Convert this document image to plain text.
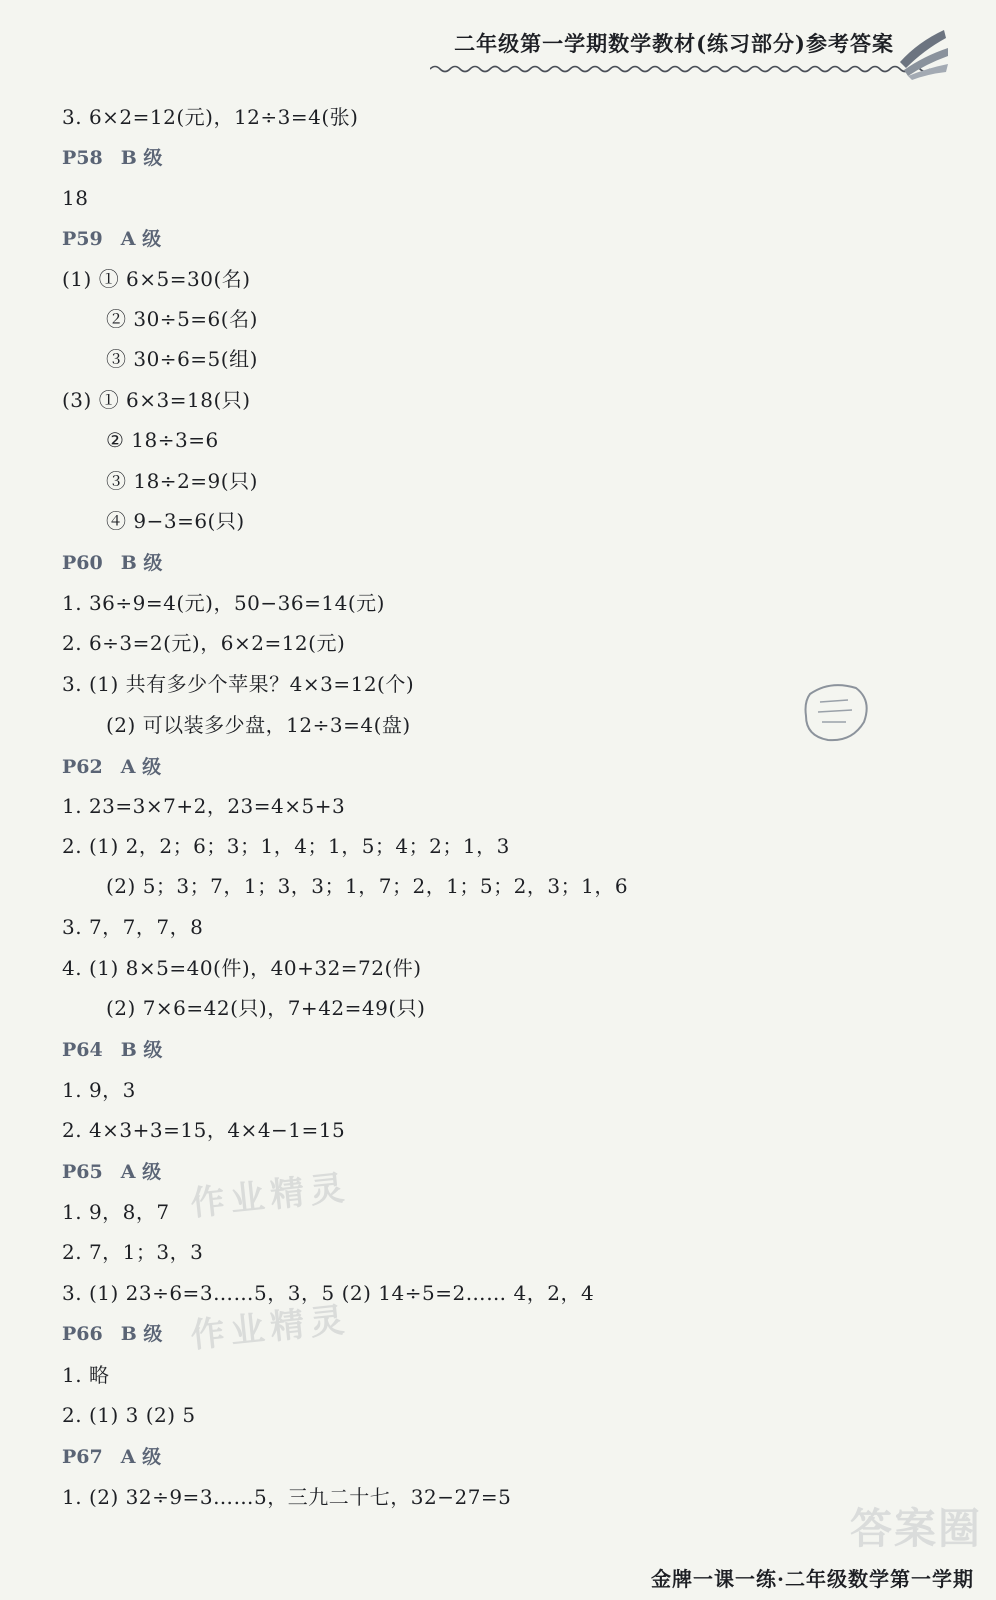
二年级第一学期数学教材(练习部分)参考答案
3. 6×2=12(元)，12÷3=4(张)
P58 B 级
18
P59 A 级
(1) ① 6×5=30(名)
② 30÷5=6(名)
③ 30÷6=5(组)
(3) ① 6×3=18(只)
② 18÷3=6
③ 18÷2=9(只)
④ 9−3=6(只)
P60 B 级
1. 36÷9=4(元)，50−36=14(元)
2. 6÷3=2(元)，6×2=12(元)
3. (1) 共有多少个苹果？4×3=12(个)
(2) 可以装多少盘，12÷3=4(盘)
P62 A 级
1. 23=3×7+2，23=4×5+3
2. (1) 2，2；6；3；1，4；1，5；4；2；1，3
(2) 5；3；7，1；3，3；1，7；2，1；5；2，3；1，6
3. 7，7，7，8
4. (1) 8×5=40(件)，40+32=72(件)
(2) 7×6=42(只)，7+42=49(只)
P64 B 级
1. 9，3
2. 4×3+3=15，4×4−1=15
P65 A 级
1. 9，8，7
2. 7，1；3，3
3. (1) 23÷6=3……5，3，5 (2) 14÷5=2…… 4，2，4
P66 B 级
1. 略
2. (1) 3 (2) 5
P67 A 级
1. (2) 32÷9=3……5，三九二十七，32−27=5
作业精灵
作业精灵
答案圈
金牌一课一练·二年级数学第一学期
